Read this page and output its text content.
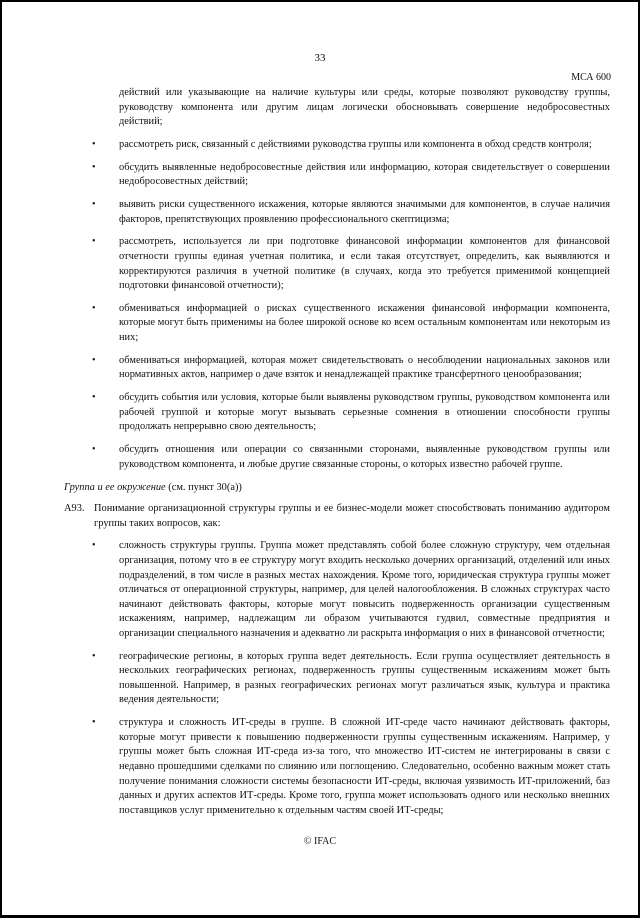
33
МСА 600

действий или указывающие на наличие культуры или среды, которые позволяют руководству группы, руководству компонента или другим лицам логически обосновывать совершение недобросовестных действий;

• рассмотреть риск, связанный с действиями руководства группы или компонента в обход средств контроля;
• обсудить выявленные недобросовестные действия или информацию, которая свидетельствует о совершении недобросовестных действий;
• выявить риски существенного искажения, которые являются значимыми для компонентов, в случае наличия факторов, препятствующих проявлению профессионального скептицизма;
• рассмотреть, используется ли при подготовке финансовой информации компонентов для финансовой отчетности группы единая учетная политика, и если такая отсутствует, определить, как выявляются и корректируются различия в учетной политике (в случаях, когда это требуется применимой концепцией подготовки финансовой отчетности);
• обмениваться информацией о рисках существенного искажения финансовой информации компонента, которые могут быть применимы на более широкой основе ко всем остальным компонентам или некоторым из них;
• обмениваться информацией, которая может свидетельствовать о несоблюдении национальных законов или нормативных актов, например о даче взяток и ненадлежащей практике трансфертного ценообразования;
• обсудить события или условия, которые были выявлены руководством группы, руководством компонента или рабочей группой и которые могут вызывать серьезные сомнения в отношении способности группы продолжать непрерывно свою деятельность;
• обсудить отношения или операции со связанными сторонами, выявленные руководством группы или руководством компонента, и любые другие связанные стороны, о которых известно рабочей группе.

Группа и ее окружение (см. пункт 30(а))

A93. Понимание организационной структуры группы и ее бизнес-модели может способствовать пониманию аудитором группы таких вопросов, как:

• сложность структуры группы. Группа может представлять собой более сложную структуру, чем отдельная организация, потому что в ее структуру могут входить несколько дочерних организаций, отделений или иных подразделений, в том числе в разных местах нахождения. Кроме того, юридическая структура группы может отличаться от операционной структуры, например, для целей налогообложения. В сложных структурах часто начинают действовать факторы, которые могут повысить подверженность организации существенным искажениям, например, надлежащим ли образом учитываются гудвил, совместные предприятия и организации специального назначения и адекватно ли раскрыта информация о них в финансовой отчетности;
• географические регионы, в которых группа ведет деятельность. Если группа осуществляет деятельность в нескольких географических регионах, подверженность группы существенным искажениям может быть повышенной. Например, в разных географических регионах могут различаться язык, культура и практика ведения деятельности;
• структура и сложность ИТ-среды в группе. В сложной ИТ-среде часто начинают действовать факторы, которые могут привести к повышению подверженности группы существенным искажениям. Например, у группы может быть сложная ИТ-среда из-за того, что множество ИТ-систем не интегрированы в связи с недавно прошедшими сделками по слиянию или поглощению. Следовательно, особенно важным может стать получение понимания сложности системы безопасности ИТ-среды, включая уязвимость ИТ-приложений, баз данных и других аспектов ИТ-среды. Кроме того, группа может использовать одного или несколько внешних поставщиков услуг применительно к отдельным частям своей ИТ-среды;
© IFAC
